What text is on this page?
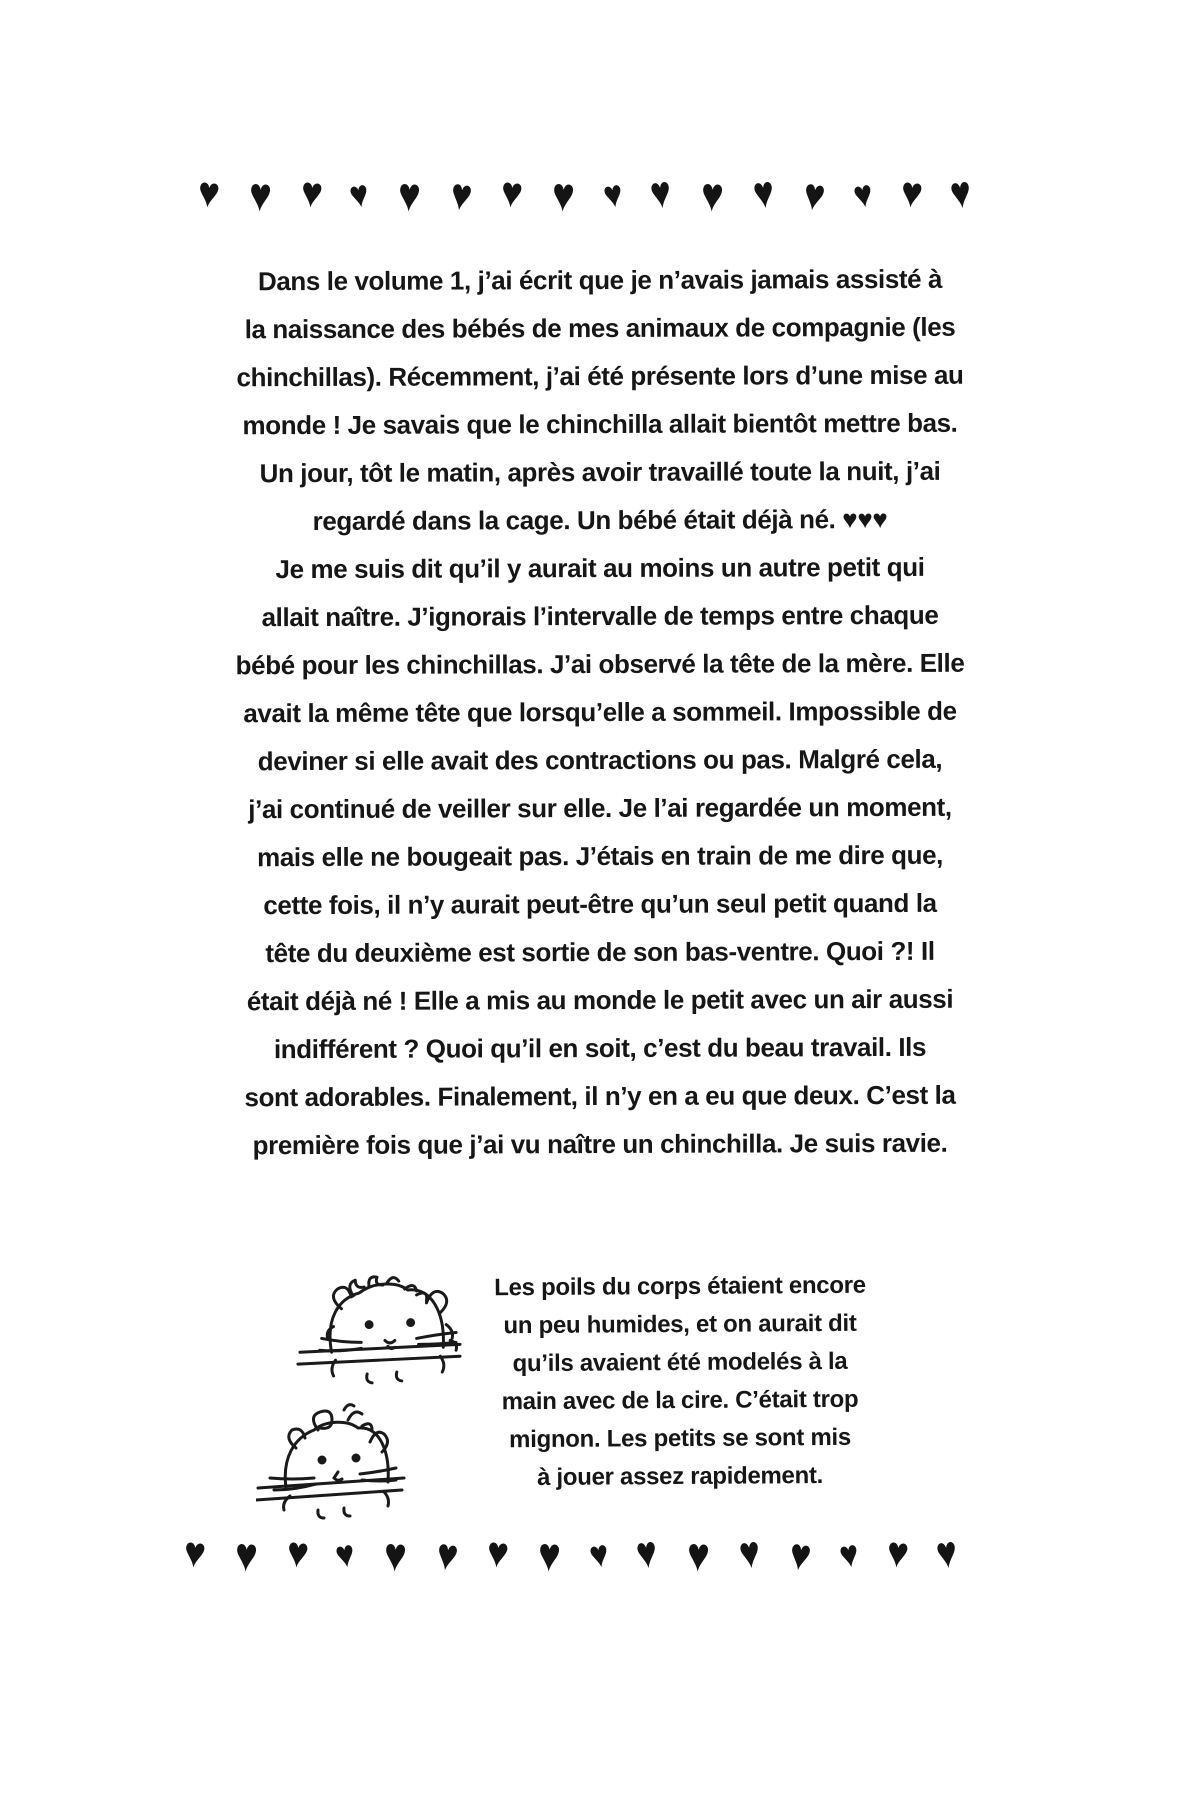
♥ ♥ ♥ ♥ ♥ ♥ ♥ ♥ ♥ ♥ ♥ ♥ ♥ ♥ ♥ ♥
Dans le volume 1, j’ai écrit que je n’avais jamais assisté à
la naissance des bébés de mes animaux de compagnie (les
chinchillas). Récemment, j’ai été présente lors d’une mise au
monde ! Je savais que le chinchilla allait bientôt mettre bas.
Un jour, tôt le matin, après avoir travaillé toute la nuit, j’ai
regardé dans la cage. Un bébé était déjà né. ♥♥♥
Je me suis dit qu’il y aurait au moins un autre petit qui
allait naître. J’ignorais l’intervalle de temps entre chaque
bébé pour les chinchillas. J’ai observé la tête de la mère. Elle
avait la même tête que lorsqu’elle a sommeil. Impossible de
deviner si elle avait des contractions ou pas. Malgré cela,
j’ai continué de veiller sur elle. Je l’ai regardée un moment,
mais elle ne bougeait pas. J’étais en train de me dire que,
cette fois, il n’y aurait peut-être qu’un seul petit quand la
tête du deuxième est sortie de son bas-ventre. Quoi ?! Il
était déjà né ! Elle a mis au monde le petit avec un air aussi
indifférent ? Quoi qu’il en soit, c’est du beau travail. Ils
sont adorables. Finalement, il n’y en a eu que deux. C’est la
première fois que j’ai vu naître un chinchilla. Je suis ravie.
Les poils du corps étaient encore
un peu humides, et on aurait dit
qu’ils avaient été modelés à la
main avec de la cire. C’était trop
mignon. Les petits se sont mis
à jouer assez rapidement.
♥ ♥ ♥ ♥ ♥ ♥ ♥ ♥ ♥ ♥ ♥ ♥ ♥ ♥ ♥ ♥
